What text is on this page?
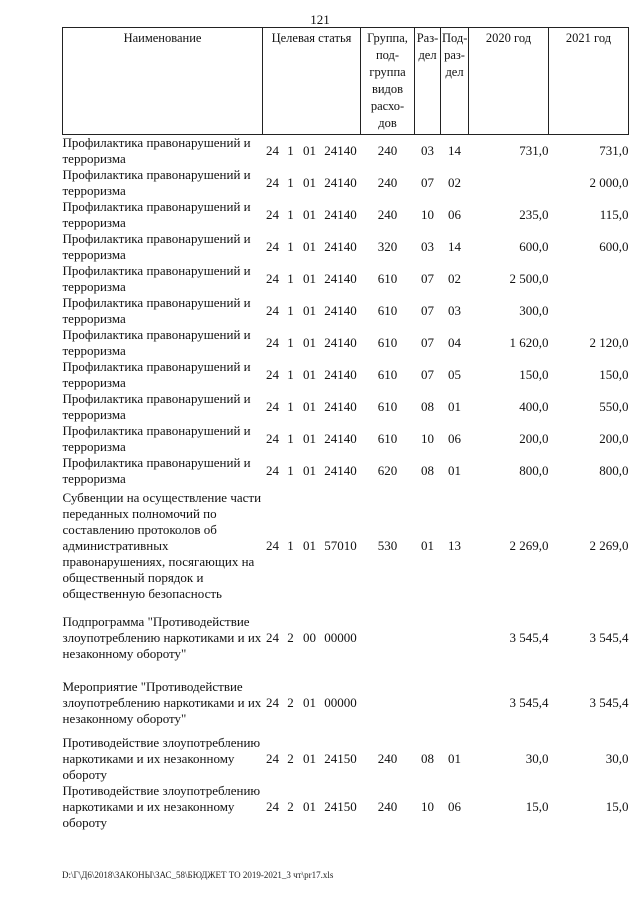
121
Наименование	Целевая статья				Группа, под-группа видов расхо-дов	Раз-дел	Под-раз-дел	2020 год	2021 год
Профилактика правонарушений и терроризма	24	1	01	24140	240	03	14	731,0	731,0
Профилактика правонарушений и терроризма	24	1	01	24140	240	07	02		2 000,0
Профилактика правонарушений и терроризма	24	1	01	24140	240	10	06	235,0	115,0
Профилактика правонарушений и терроризма	24	1	01	24140	320	03	14	600,0	600,0
Профилактика правонарушений и терроризма	24	1	01	24140	610	07	02	2 500,0	
Профилактика правонарушений и терроризма	24	1	01	24140	610	07	03	300,0	
Профилактика правонарушений и терроризма	24	1	01	24140	610	07	04	1 620,0	2 120,0
Профилактика правонарушений и терроризма	24	1	01	24140	610	07	05	150,0	150,0
Профилактика правонарушений и терроризма	24	1	01	24140	610	08	01	400,0	550,0
Профилактика правонарушений и терроризма	24	1	01	24140	610	10	06	200,0	200,0
Профилактика правонарушений и терроризма	24	1	01	24140	620	08	01	800,0	800,0
Субвенции на осуществление части переданных полномочий по составлению протоколов об административных правонарушениях, посягающих на общественный порядок и общественную безопасность	24	1	01	57010	530	01	13	2 269,0	2 269,0
Подпрограмма "Противодействие злоупотреблению наркотиками и их незаконному обороту"	24	2	00	00000				3 545,4	3 545,4
Мероприятие "Противодействие злоупотреблению наркотиками и их незаконному обороту"	24	2	01	00000				3 545,4	3 545,4
Противодействие злоупотреблению наркотиками и их незаконному обороту	24	2	01	24150	240	08	01	30,0	30,0
Противодействие злоупотреблению наркотиками и их незаконному обороту	24	2	01	24150	240	10	06	15,0	15,0
D:\Г\Д6\2018\ЗАКОНЫ\ЗАС_58\БЮДЖЕТ ТО 2019-2021_3 чт\pr17.xls
